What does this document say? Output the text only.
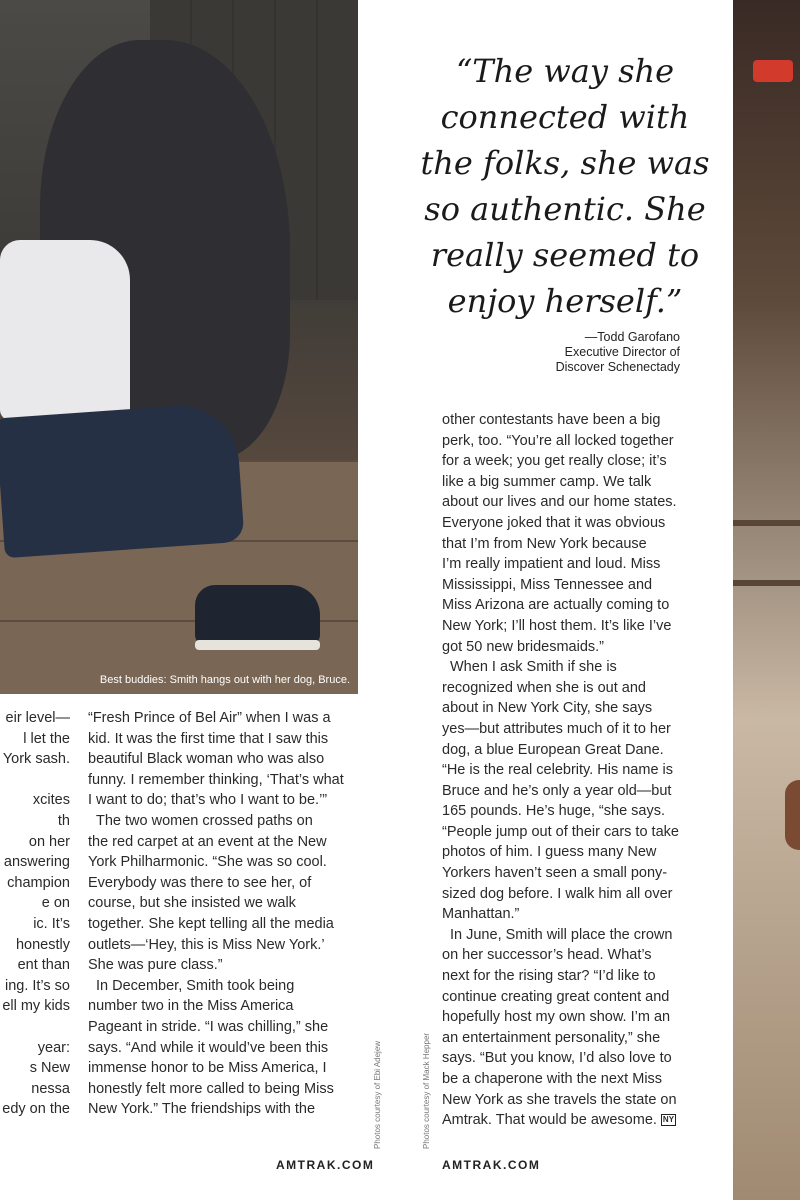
Best buddies: Smith hangs out with her dog, Bruce.
“The way she
connected with
the folks, she was
so authentic. She
really seemed to
enjoy herself.”
—Todd Garofano
Executive Director of
Discover Schenectady

eir level—

l let the

York sash.

xcites

th

on her

answering

champion

e on

ic. It’s

honestly

ent than

ing. It’s so

ell my kids

year:

s New

nessa

edy on the

“Fresh Prince of Bel Air” when I was a

kid. It was the first time that I saw this

beautiful Black woman who was also

funny. I remember thinking, ‘That’s what

I want to do; that’s who I want to be.’”

The two women crossed paths on

the red carpet at an event at the New

York Philharmonic. “She was so cool.

Everybody was there to see her, of

course, but she insisted we walk

together. She kept telling all the media

outlets—‘Hey, this is Miss New York.’

She was pure class.”

In December, Smith took being

number two in the Miss America

Pageant in stride. “I was chilling,” she

says. “And while it would’ve been this

immense honor to be Miss America, I

honestly felt more called to being Miss

New York.” The friendships with the

other contestants have been a big

perk, too. “You’re all locked together

for a week; you get really close; it’s

like a big summer camp. We talk

about our lives and our home states.

Everyone joked that it was obvious

that I’m from New York because

I’m really impatient and loud. Miss

Mississippi, Miss Tennessee and

Miss Arizona are actually coming to

New York; I’ll host them. It’s like I’ve

got 50 new bridesmaids.”

When I ask Smith if she is

recognized when she is out and

about in New York City, she says

yes—but attributes much of it to her

dog, a blue European Great Dane.

“He is the real celebrity. His name is

Bruce and he’s only a year old—but

165 pounds. He’s huge, “she says.

“People jump out of their cars to take

photos of him. I guess many New

Yorkers haven’t seen a small pony-

sized dog before. I walk him all over

Manhattan.”

In June, Smith will place the crown

on her successor’s head. What’s

next for the rising star? “I’d like to

continue creating great content and

hopefully host my own show. I’m an

an entertainment personality,” she

says. “But you know, I’d also love to

be a chaperone with the next Miss

New York as she travels the state on

Amtrak. That would be awesome. NY

Photos courtesy of Ebi Adejew	Photos courtesy of Mack Hepper
AMTRAK.COM	AMTRAK.COM
